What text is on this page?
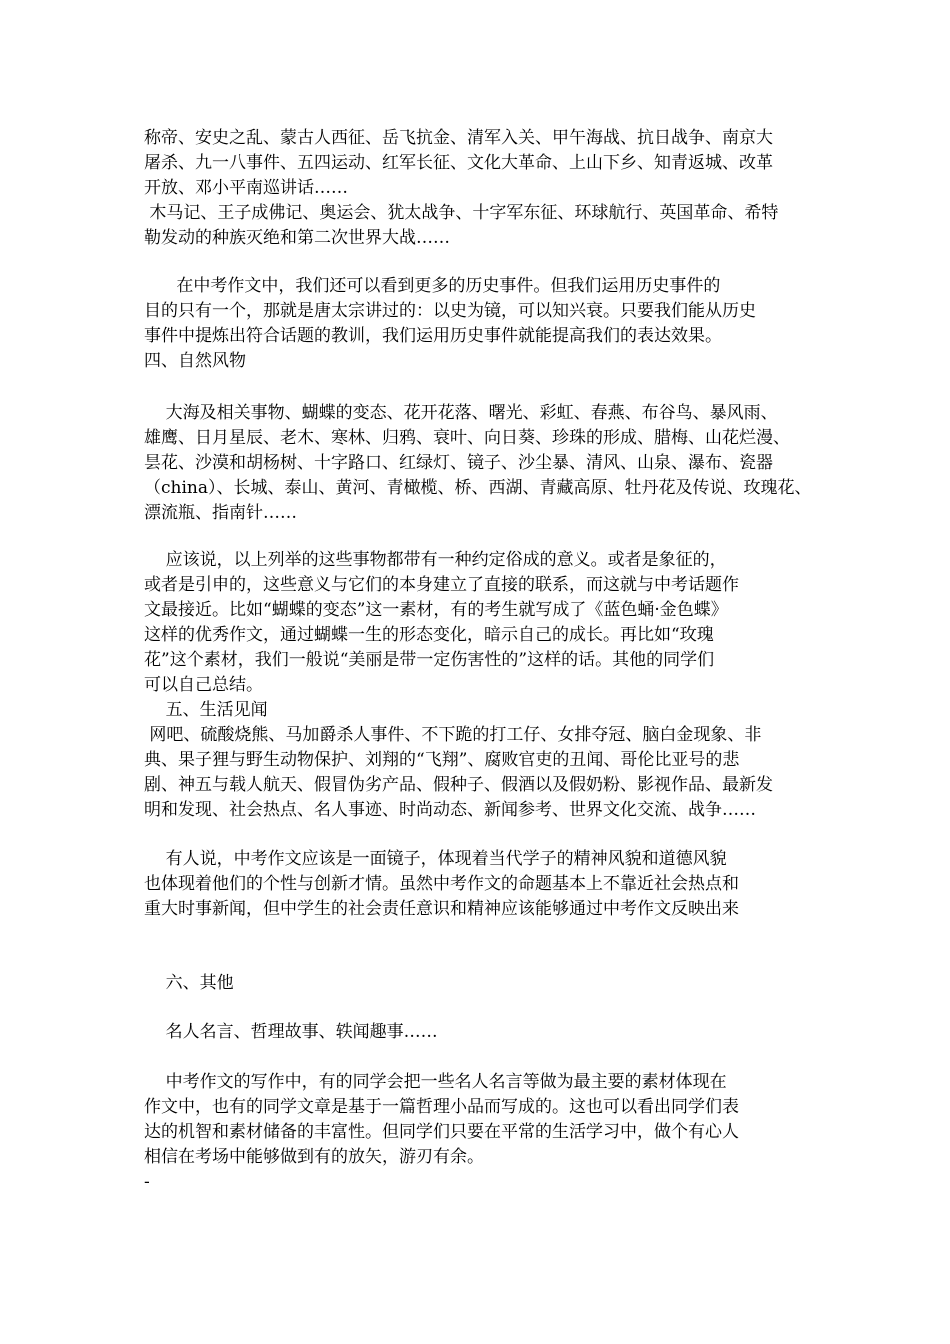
称帝、安史之乱、蒙古人西征、岳飞抗金、清军入关、甲午海战、抗日战争、南京大
屠杀、九一八事件、五四运动、红军长征、文化大革命、上山下乡、知青返城、改革
开放、邓小平南巡讲话……
木马记、王子成佛记、奥运会、犹太战争、十字军东征、环球航行、英国革命、希特
勒发动的种族灭绝和第二次世界大战……
在中考作文中，我们还可以看到更多的历史事件。但我们运用历史事件的
目的只有一个，那就是唐太宗讲过的：以史为镜，可以知兴衰。只要我们能从历史
事件中提炼出符合话题的教训，我们运用历史事件就能提高我们的表达效果。
四、自然风物
大海及相关事物、蝴蝶的变态、花开花落、曙光、彩虹、春燕、布谷鸟、暴风雨、
雄鹰、日月星辰、老木、寒林、归鸦、衰叶、向日葵、珍珠的形成、腊梅、山花烂漫、
昙花、沙漠和胡杨树、十字路口、红绿灯、镜子、沙尘暴、清风、山泉、瀑布、瓷器
（china）、长城、泰山、黄河、青橄榄、桥、西湖、青藏高原、牡丹花及传说、玫瑰花、
漂流瓶、指南针……
应该说，以上列举的这些事物都带有一种约定俗成的意义。或者是象征的，
或者是引申的，这些意义与它们的本身建立了直接的联系，而这就与中考话题作
文最接近。比如“蝴蝶的变态”这一素材，有的考生就写成了《蓝色蛹·金色蝶》
这样的优秀作文，通过蝴蝶一生的形态变化，暗示自己的成长。再比如“玫瑰
花”这个素材，我们一般说“美丽是带一定伤害性的”这样的话。其他的同学们
可以自己总结。
五、生活见闻
网吧、硫酸烧熊、马加爵杀人事件、不下跪的打工仔、女排夺冠、脑白金现象、非
典、果子狸与野生动物保护、刘翔的“飞翔”、腐败官吏的丑闻、哥伦比亚号的悲
剧、神五与载人航天、假冒伪劣产品、假种子、假酒以及假奶粉、影视作品、最新发
明和发现、社会热点、名人事迹、时尚动态、新闻参考、世界文化交流、战争……
有人说，中考作文应该是一面镜子，体现着当代学子的精神风貌和道德风貌
也体现着他们的个性与创新才情。虽然中考作文的命题基本上不靠近社会热点和
重大时事新闻，但中学生的社会责任意识和精神应该能够通过中考作文反映出来
六、其他
名人名言、哲理故事、轶闻趣事……
中考作文的写作中，有的同学会把一些名人名言等做为最主要的素材体现在
作文中，也有的同学文章是基于一篇哲理小品而写成的。这也可以看出同学们表
达的机智和素材储备的丰富性。但同学们只要在平常的生活学习中，做个有心人
相信在考场中能够做到有的放矢，游刃有余。
-
